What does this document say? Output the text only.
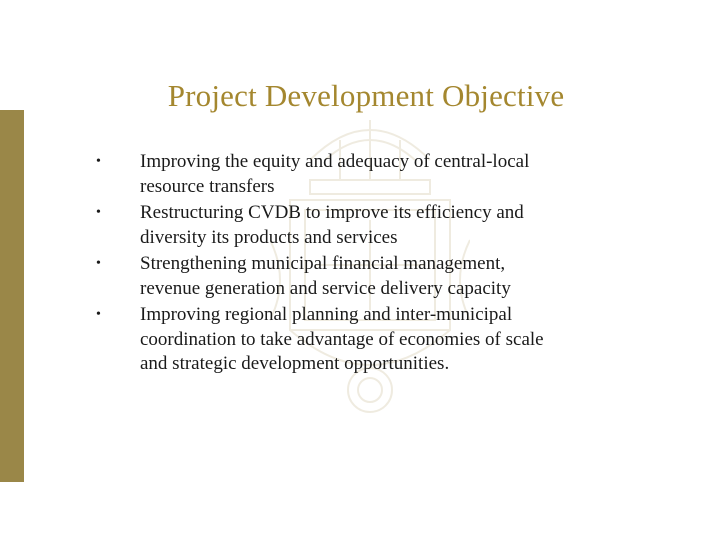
Project Development Objective
•	Improving the equity and adequacy of central-local resource transfers
•	Restructuring CVDB to improve its efficiency and diversity its products and services
•	Strengthening municipal financial management, revenue generation and service delivery capacity
•	Improving regional planning and inter-municipal coordination to take advantage of economies of scale and strategic development opportunities.
